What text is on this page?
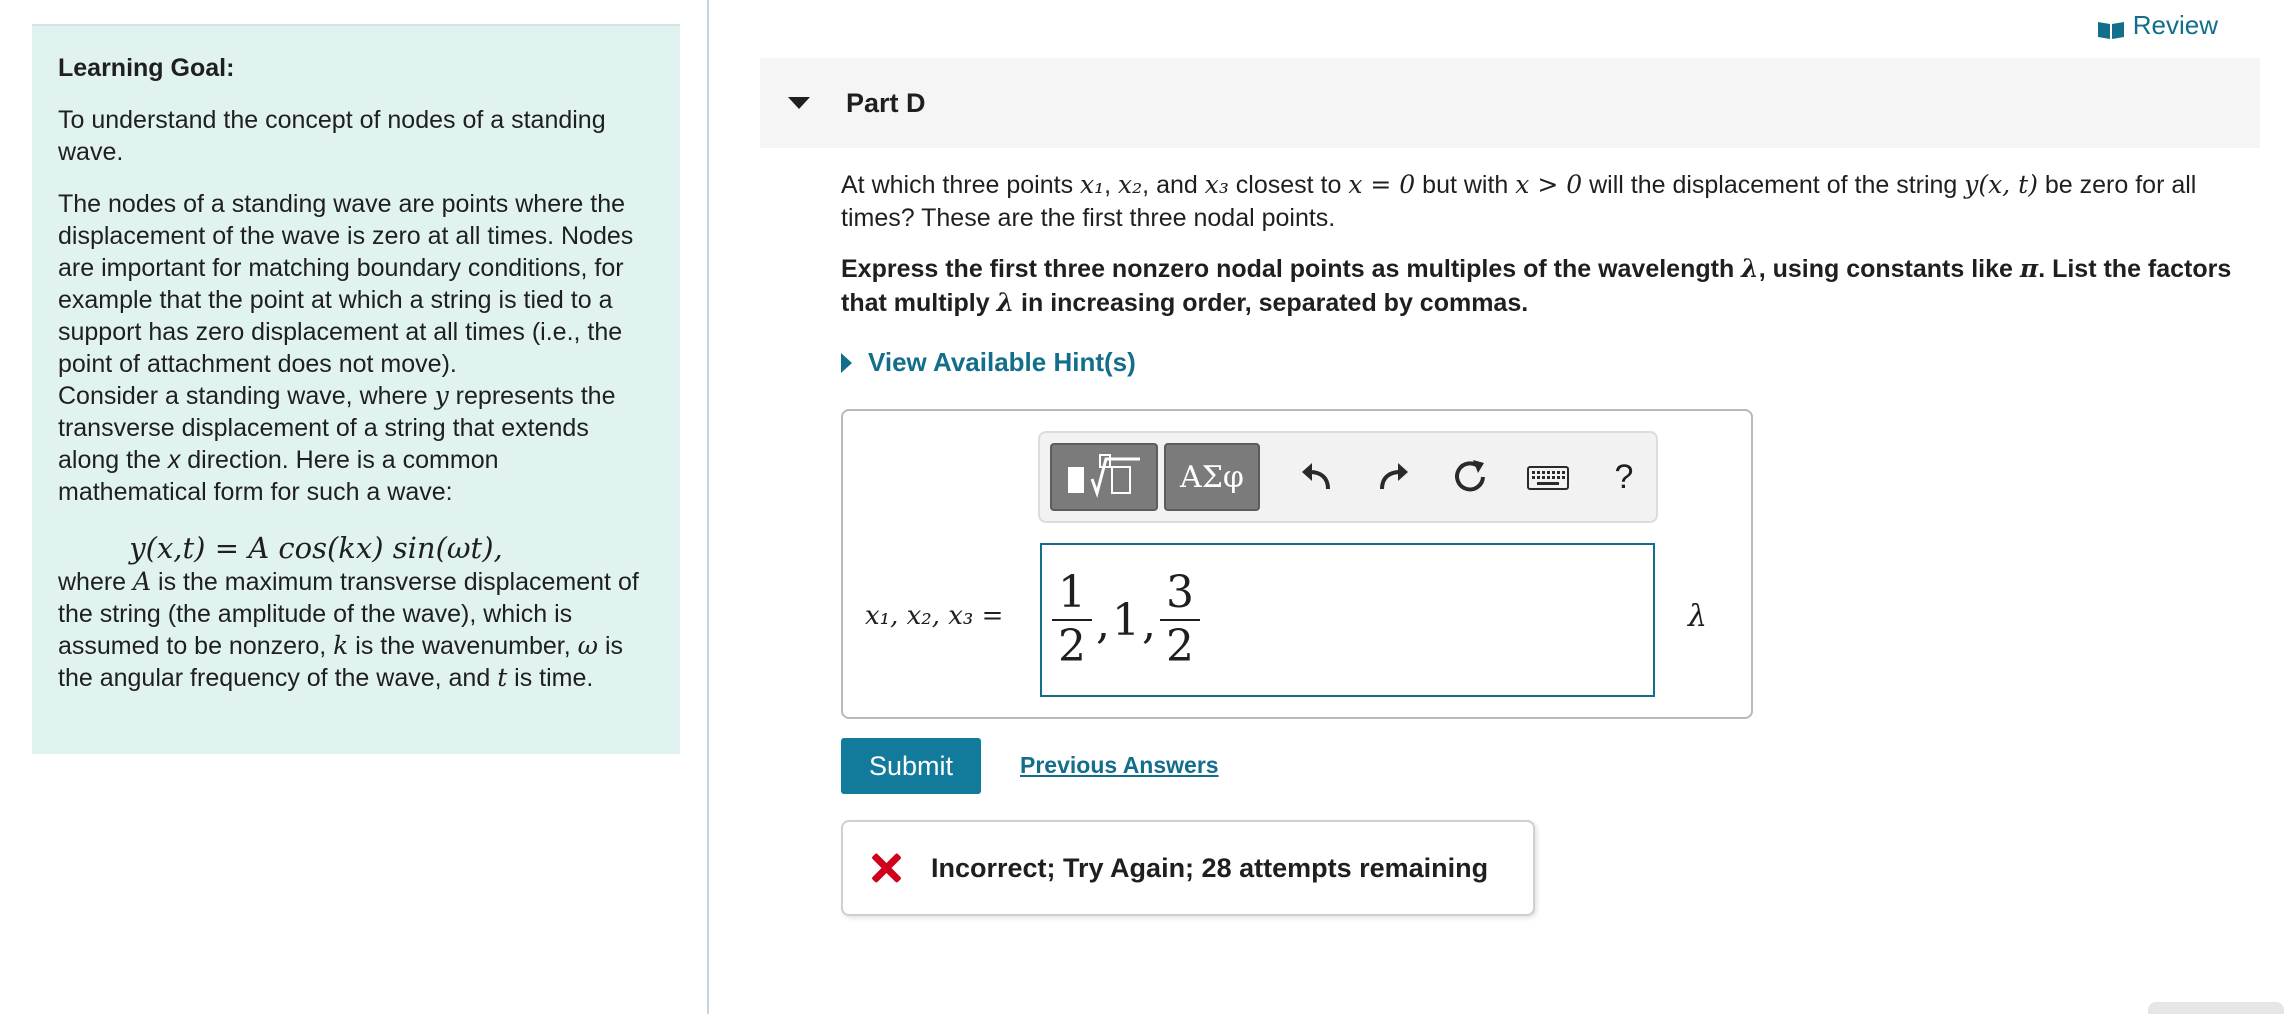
Learning Goal:

To understand the concept of nodes of a standing wave.

The nodes of a standing wave are points where the displacement of the wave is zero at all times. Nodes are important for matching boundary conditions, for example that the point at which a string is tied to a support has zero displacement at all times (i.e., the point of attachment does not move).

Consider a standing wave, where y represents the transverse displacement of a string that extends along the x direction. Here is a common mathematical form for such a wave:

y(x,t) = A cos(kx) sin(ωt),

where A is the maximum transverse displacement of the string (the amplitude of the wave), which is assumed to be nonzero, k is the wavenumber, ω is the angular frequency of the wave, and t is time.

Review
Part D
At which three points x₁, x₂, and x₃ closest to x = 0 but with x > 0 will the displacement of the string y(x, t) be zero for all times? These are the first three nodal points.
Express the first three nonzero nodal points as multiples of the wavelength λ, using constants like π. List the factors that multiply λ in increasing order, separated by commas.
View Available Hint(s)
ΑΣφ	?
x₁, x₂, $x_3 = \frac{1}{2}$ , 1 , $\frac{3}{2}$	λ
Submit	Previous Answers
Incorrect; Try Again; 28 attempts remaining
